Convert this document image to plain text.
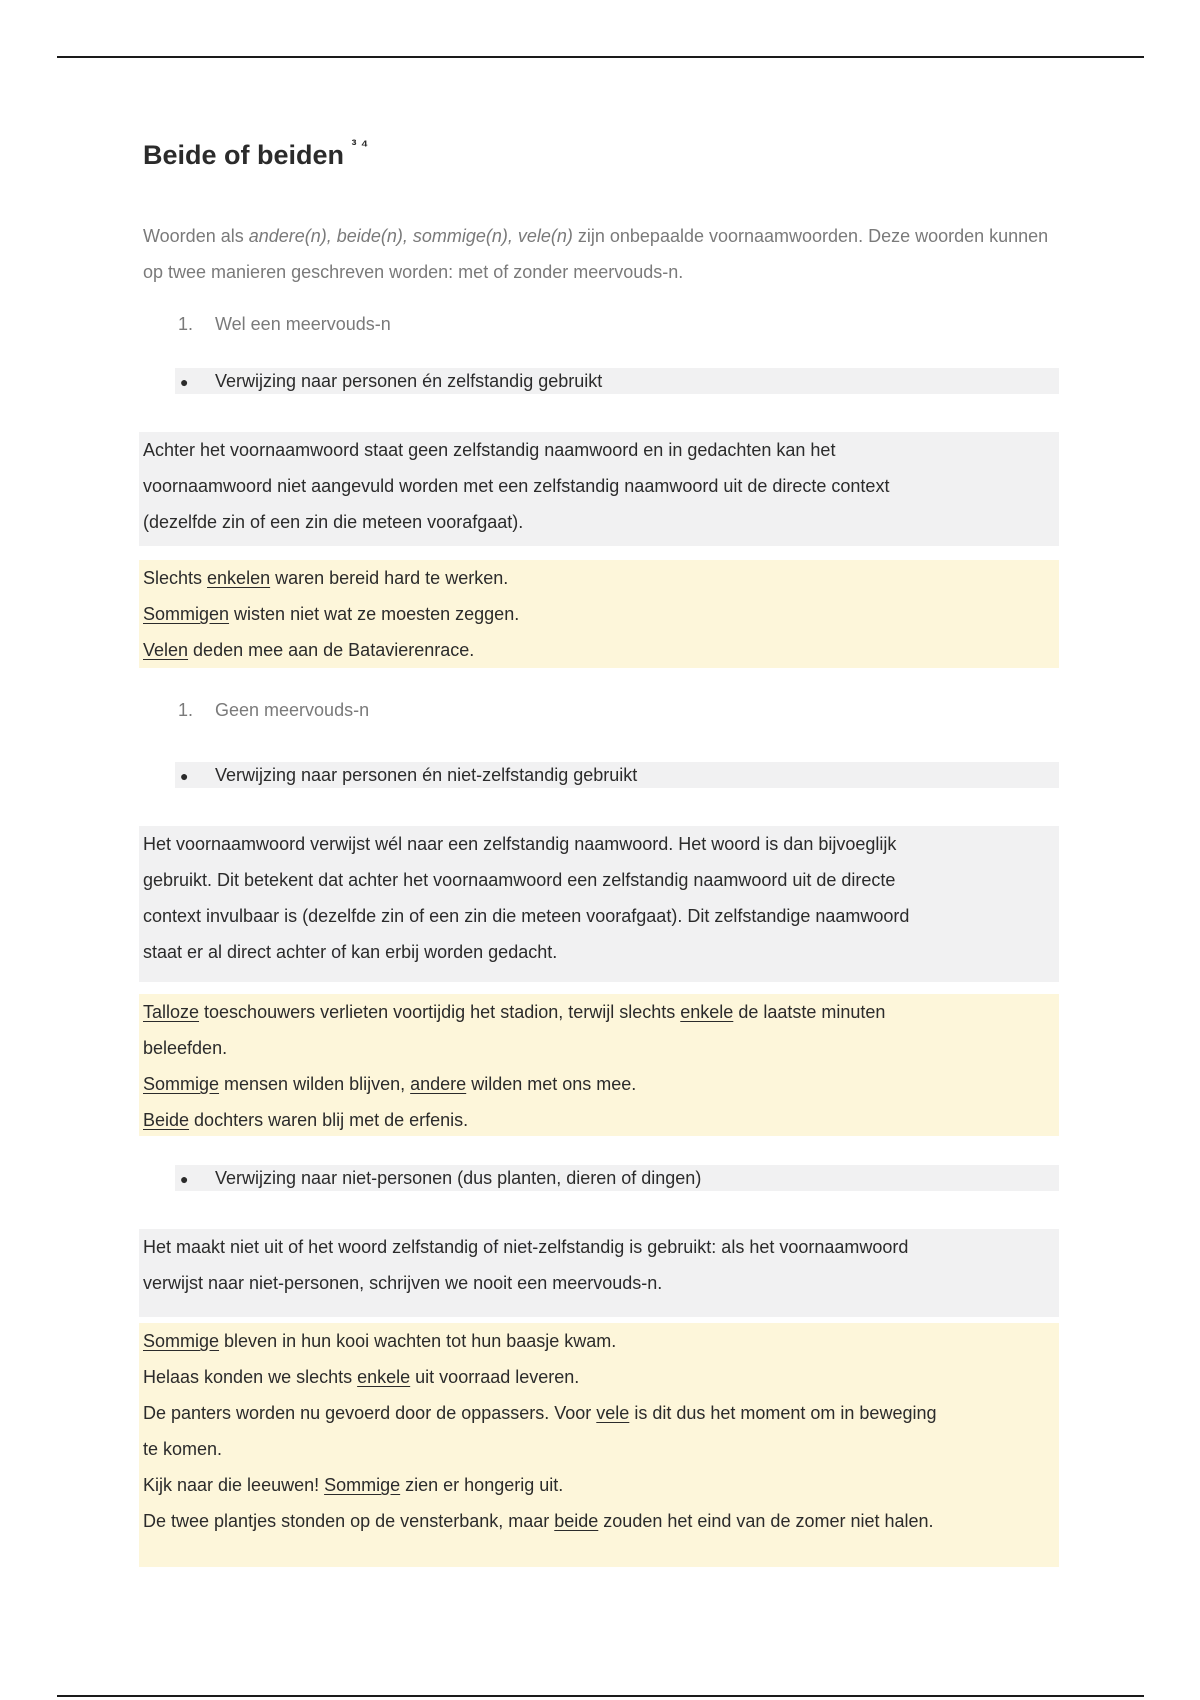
Beide of beiden $^{^3 ^4}$

Woorden als andere(n), beide(n), sommige(n), vele(n) zijn onbepaalde voornaamwoorden. Deze woorden kunnen op twee manieren geschreven worden: met of zonder meervouds-n.

1. Wel een meervouds-n
● Verwijzing naar personen én zelfstandig gebruikt
Achter het voornaamwoord staat geen zelfstandig naamwoord en in gedachten kan het
voornaamwoord niet aangevuld worden met een zelfstandig naamwoord uit de directe context
(dezelfde zin of een zin die meteen voorafgaat).
Slechts enkelen waren bereid hard te werken.
Sommigen wisten niet wat ze moesten zeggen.
Velen deden mee aan de Batavierenrace.
1. Geen meervouds-n
● Verwijzing naar personen én niet-zelfstandig gebruikt
Het voornaamwoord verwijst wél naar een zelfstandig naamwoord. Het woord is dan bijvoeglijk
gebruikt. Dit betekent dat achter het voornaamwoord een zelfstandig naamwoord uit de directe
context invulbaar is (dezelfde zin of een zin die meteen voorafgaat). Dit zelfstandige naamwoord
staat er al direct achter of kan erbij worden gedacht.
Talloze toeschouwers verlieten voortijdig het stadion, terwijl slechts enkele de laatste minuten
beleefden.
Sommige mensen wilden blijven, andere wilden met ons mee.
Beide dochters waren blij met de erfenis.
● Verwijzing naar niet-personen (dus planten, dieren of dingen)
Het maakt niet uit of het woord zelfstandig of niet-zelfstandig is gebruikt: als het voornaamwoord
verwijst naar niet-personen, schrijven we nooit een meervouds-n.
Sommige bleven in hun kooi wachten tot hun baasje kwam.
Helaas konden we slechts enkele uit voorraad leveren.
De panters worden nu gevoerd door de oppassers. Voor vele is dit dus het moment om in beweging
te komen.
Kijk naar die leeuwen! Sommige zien er hongerig uit.
De twee plantjes stonden op de vensterbank, maar beide zouden het eind van de zomer niet halen.
